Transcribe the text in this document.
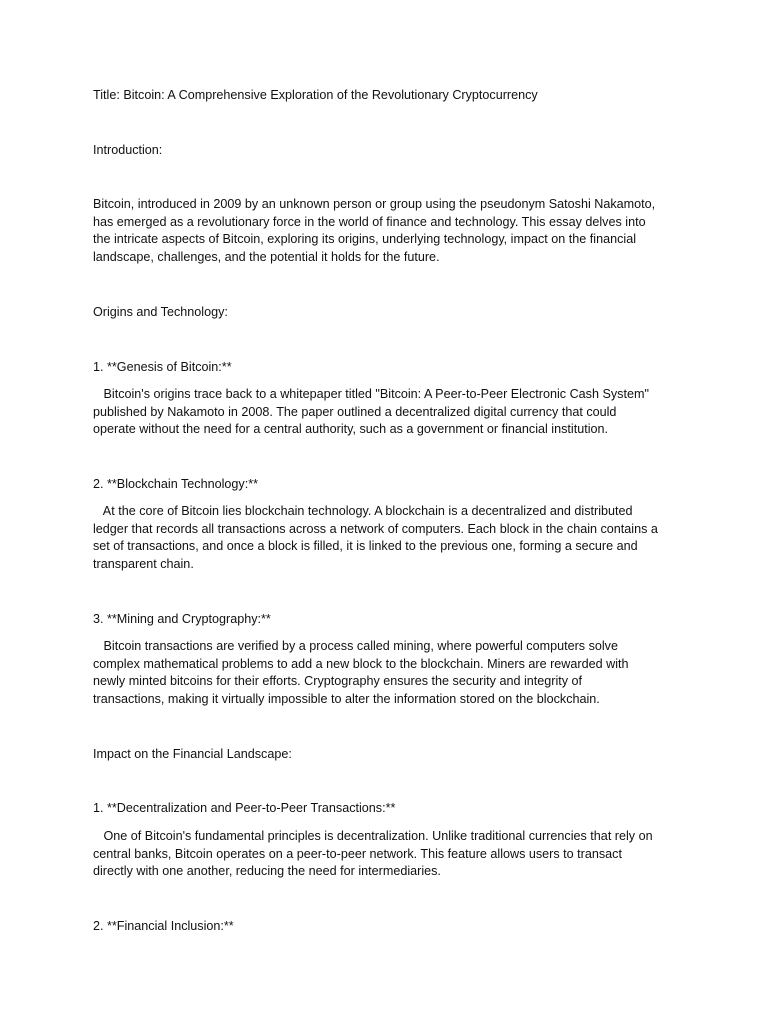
Title: Bitcoin: A Comprehensive Exploration of the Revolutionary Cryptocurrency
Introduction:
Bitcoin, introduced in 2009 by an unknown person or group using the pseudonym Satoshi Nakamoto,
has emerged as a revolutionary force in the world of finance and technology. This essay delves into
the intricate aspects of Bitcoin, exploring its origins, underlying technology, impact on the financial
landscape, challenges, and the potential it holds for the future.
Origins and Technology:
1. **Genesis of Bitcoin:**
Bitcoin's origins trace back to a whitepaper titled "Bitcoin: A Peer-to-Peer Electronic Cash System"
published by Nakamoto in 2008. The paper outlined a decentralized digital currency that could
operate without the need for a central authority, such as a government or financial institution.
2. **Blockchain Technology:**
At the core of Bitcoin lies blockchain technology. A blockchain is a decentralized and distributed
ledger that records all transactions across a network of computers. Each block in the chain contains a
set of transactions, and once a block is filled, it is linked to the previous one, forming a secure and
transparent chain.
3. **Mining and Cryptography:**
Bitcoin transactions are verified by a process called mining, where powerful computers solve
complex mathematical problems to add a new block to the blockchain. Miners are rewarded with
newly minted bitcoins for their efforts. Cryptography ensures the security and integrity of
transactions, making it virtually impossible to alter the information stored on the blockchain.
Impact on the Financial Landscape:
1. **Decentralization and Peer-to-Peer Transactions:**
One of Bitcoin's fundamental principles is decentralization. Unlike traditional currencies that rely on
central banks, Bitcoin operates on a peer-to-peer network. This feature allows users to transact
directly with one another, reducing the need for intermediaries.
2. **Financial Inclusion:**
